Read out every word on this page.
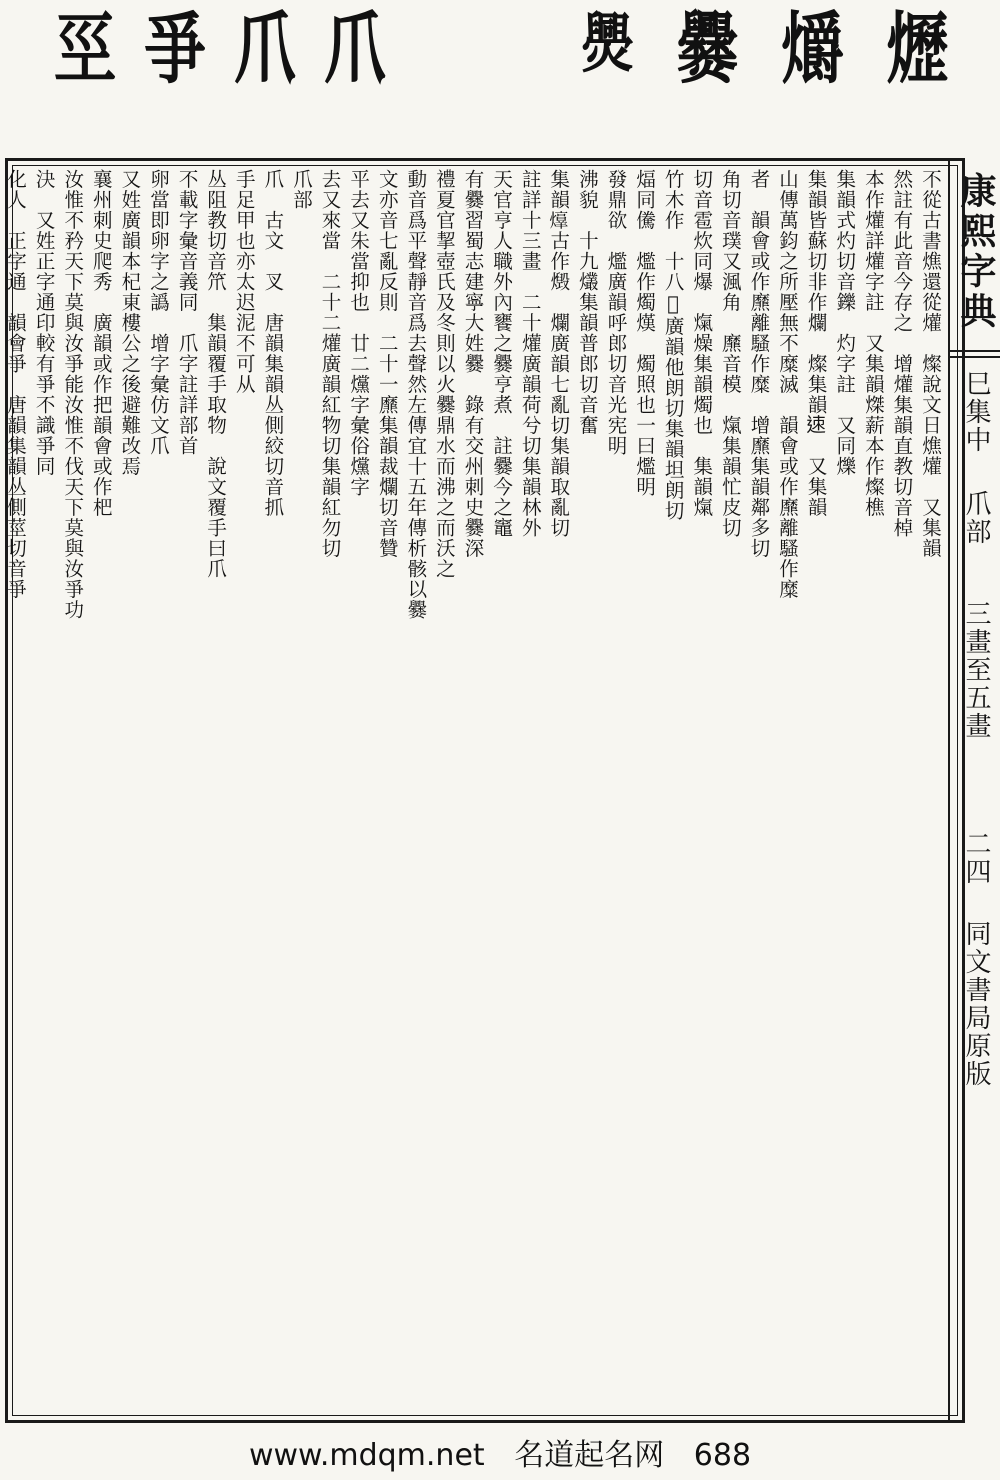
巠 爭 爪 爪	爂 爨 爝 爏
不從古書燋還從爟　燦說文日燋爟　又集韻
然註有此音今存之　增爟集韻直教切音棹
本作爟詳爟字註　又集韻𤌴薪本作燦樵
集韻式灼切音鑠　灼字註　又同爍
集韻皆蘇切非作爛　燦集韻𨒪　又集韻
山傳萬鈞之所壓無不糜滅　韻會或作爢離騷作糜
者　韻會或作爢離騷作糜　增爢集韻鄰多切
角切音璞又渢角　爢音模　熂集韻忙皮切
切音雹炊同爆　熂燥集韻燭也　集韻熂
竹木作　十八𤑮廣韻他朗切集韻坦朗切
煏同儯　爁作燭熯　燭照也一曰爁明
發鼎欲　爁廣韻呼郎切音光宪明
沸貌　十九爜集韻普郎切音奮
集韻𤑴古作燬　爛廣韻七亂切集韻取亂切
註詳十三畫　二十爟廣韻荷兮切集韻林外
天官亨人職外內饔之爨亨煮　註爨今之竈
有爨習蜀志建寧大姓爨　錄有交州刺史爨深
禮夏官挈壺氏及冬則以火爨鼎水而沸之而沃之
動音爲平聲靜音爲去聲然左傳宜十五年傳析骸以爨
文亦音七亂反則　二十一爢集韻裁爛切音贊
平去又朱當抑也　廿二爣字彙俗爣字
去又來當　二十二爟廣韻紅物切集韻紅勿切
爪部
爪　古文　叉　唐韻集韻丛側絞切音抓
手足甲也亦太迟泥不可从
丛阻教切音笊　集韻覆手取物　說文覆手曰爪
不載字彙音義同　爪字註詳部首
卵當即卵字之譌　增字彙仿文爪
又姓廣韻本杞東樓公之後避難改焉
襄州刺史爬秀　廣韻或作把韻會或作杷
汝惟不矜天下莫與汝爭能汝惟不伐天下莫與汝爭功
決　又姓正字通印較有爭不識爭同
化人　正字通　韻會爭　唐韻集韻丛側莖切音爭	康熙字典
巳集中
爪部
三畫至五畫
二四
同文書局原版
www.mdqm.net 名道起名网 688
